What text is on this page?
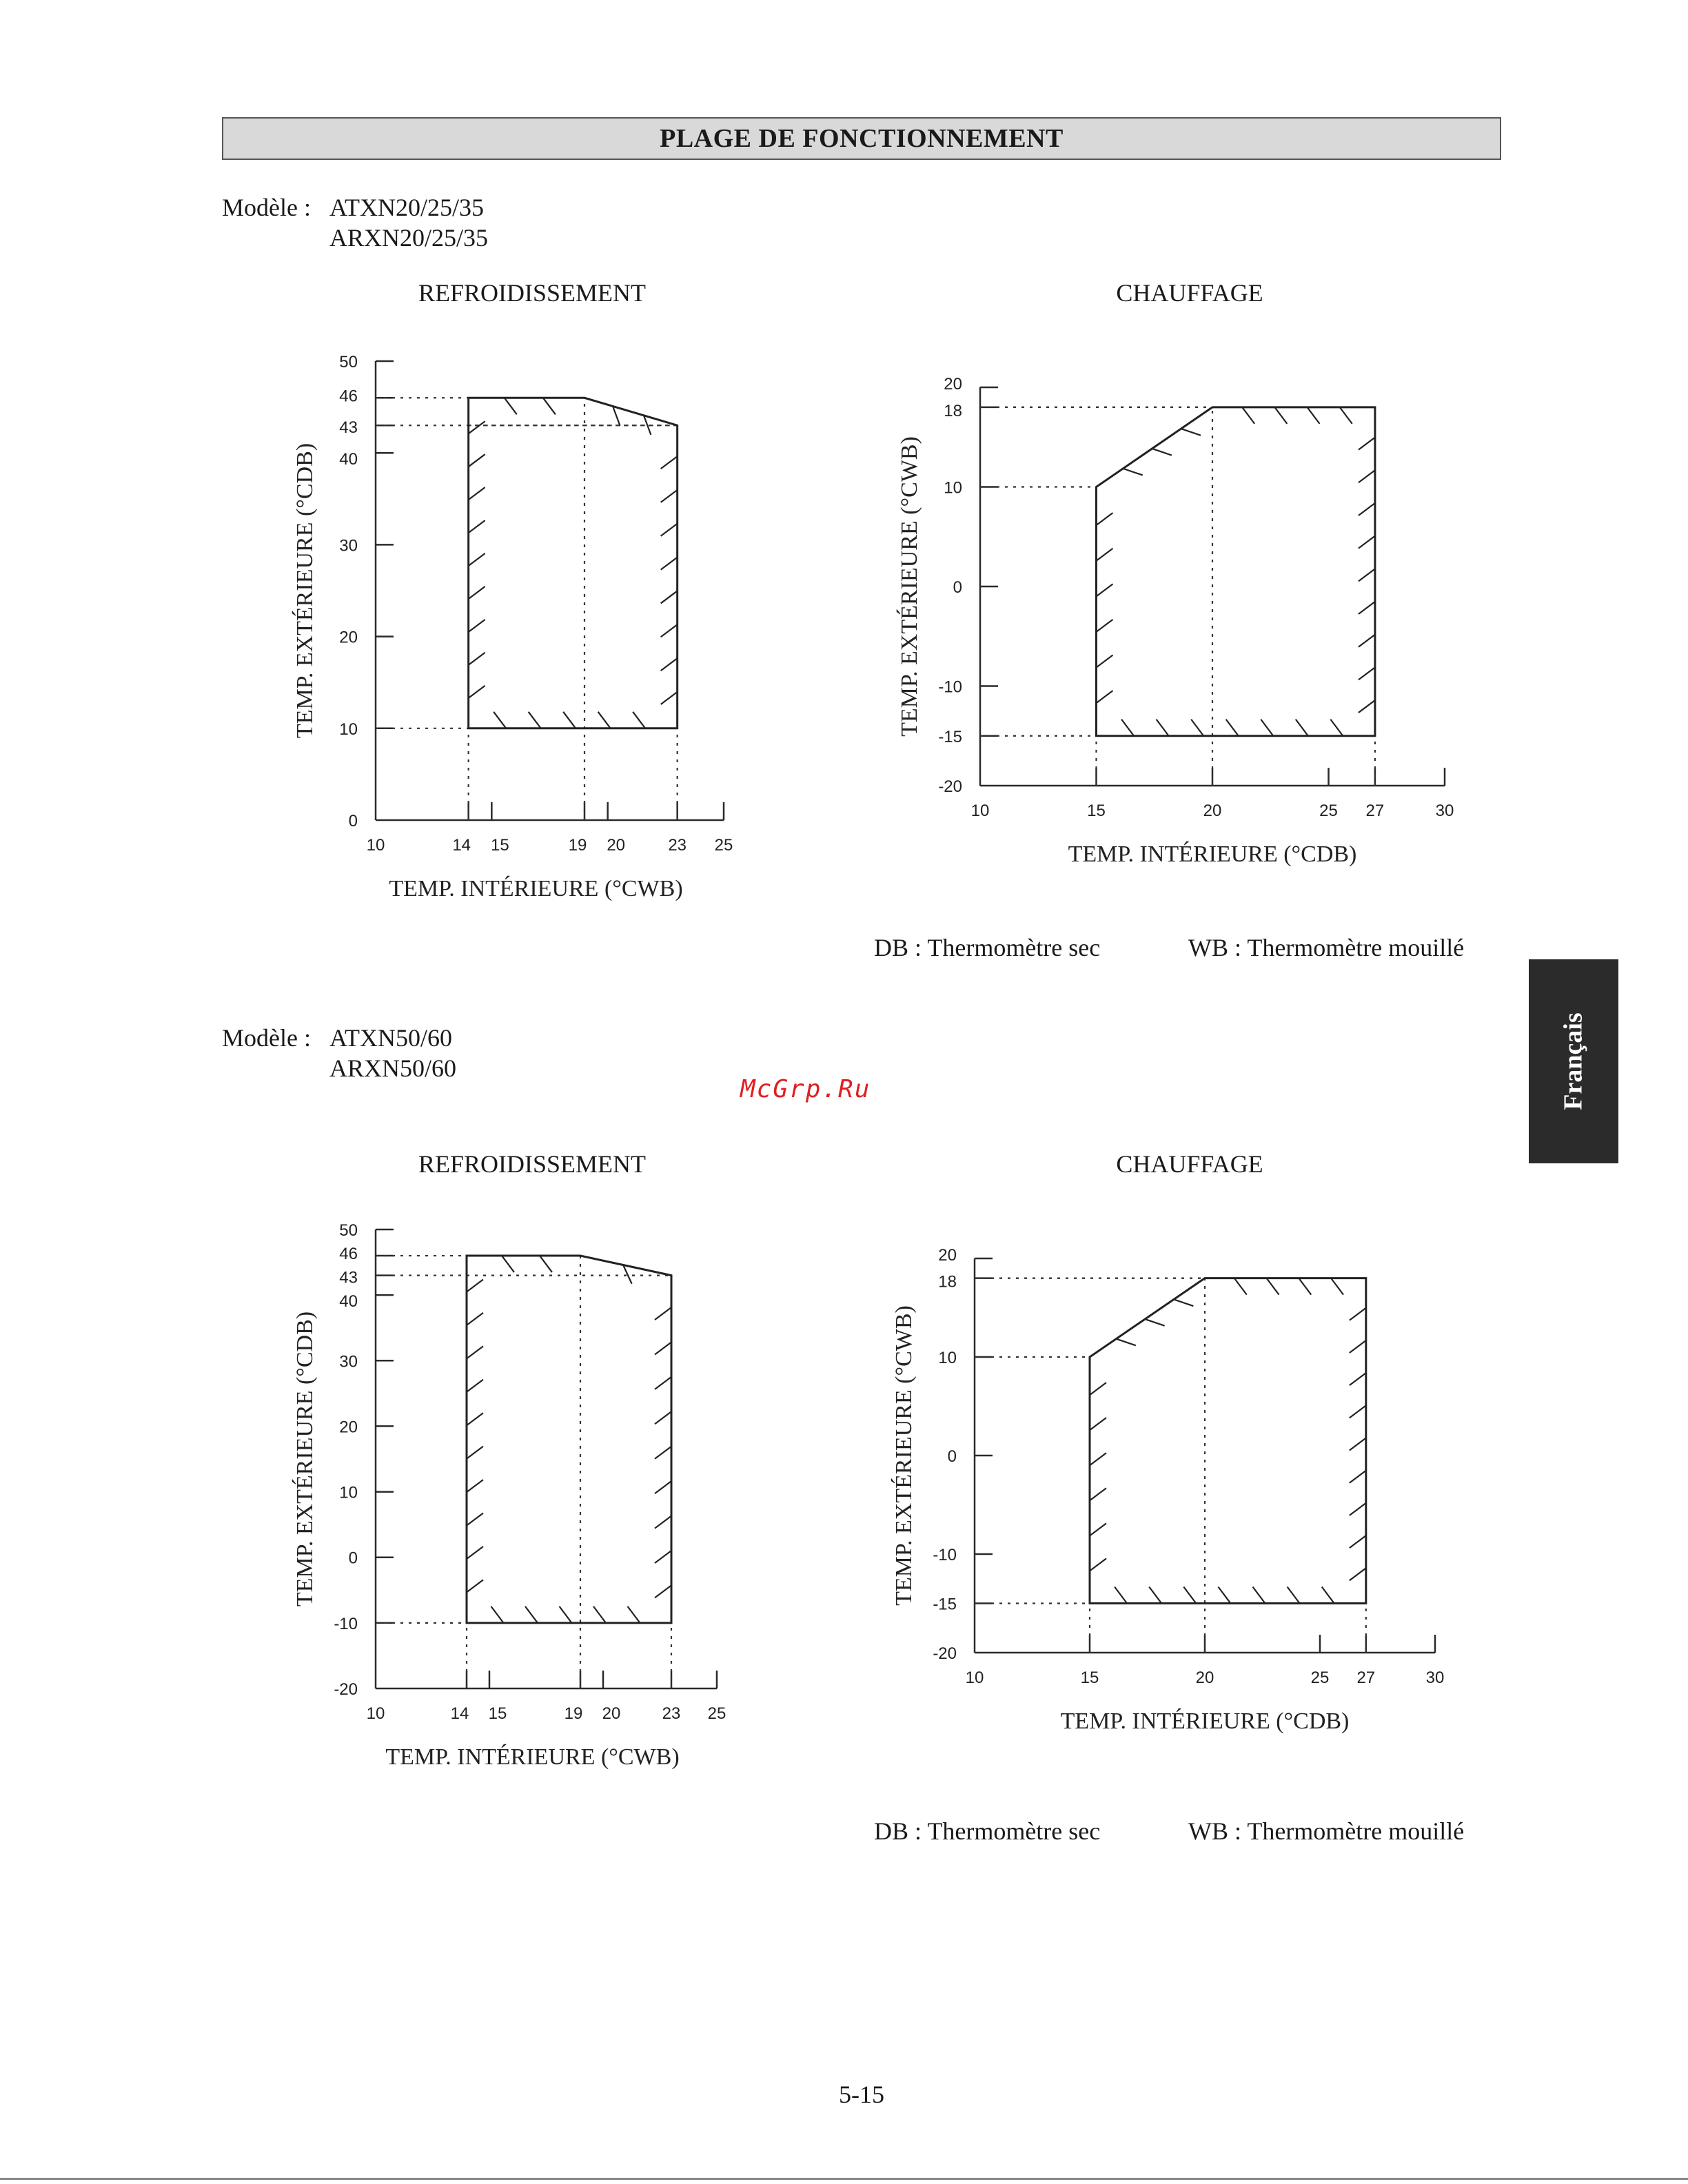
PLAGE DE FONCTIONNEMENT
Modèle : ATXN20/25/35
ARXN20/25/35
REFROIDISSEMENT	CHAUFFAGE
0
10
20
30
40
43
46
50
10	14 15	19 20	23 25
TEMP. INTÉRIEURE (°CWB)
TEMP. EXTÉRIEURE (°CDB)
-20
-15
-10
0
10
18
20
10	15	20	25 27	30
TEMP. INTÉRIEURE (°CDB)
TEMP. EXTÉRIEURE (°CWB)
DB : Thermomètre sec	WB : Thermomètre mouillé
Modèle : ATXN50/60
ARXN50/60
McGrp.Ru
REFROIDISSEMENT	CHAUFFAGE
-20
-10
0
10
20
30
40
43
46
50
10	14 15	19 20	23 25
TEMP. INTÉRIEURE (°CWB)
TEMP. EXTÉRIEURE (°CDB)
-20
-15
-10
0
10
18
20
10	15	20	25 27	30
TEMP. INTÉRIEURE (°CDB)
TEMP. EXTÉRIEURE (°CWB)
DB : Thermomètre sec	WB : Thermomètre mouillé
Français
5-15
